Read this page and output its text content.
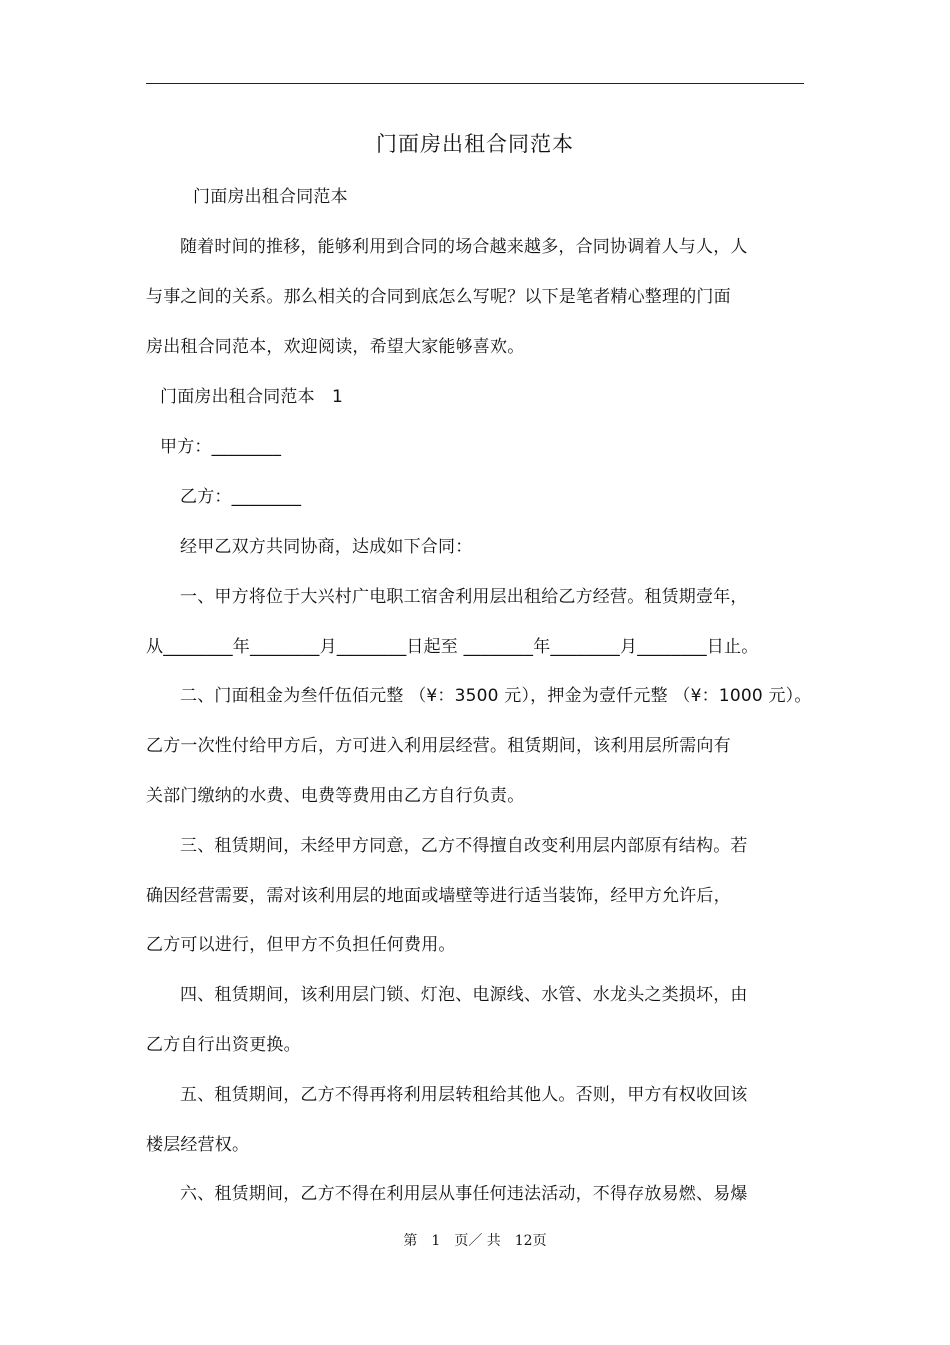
门面房出租合同范本
门面房出租合同范本
随着时间的推移，能够利用到合同的场合越来越多，合同协调着人与人，人
与事之间的关系。那么相关的合同到底怎么写呢？以下是笔者精心整理的门面
房出租合同范本，欢迎阅读，希望大家能够喜欢。
门面房出租合同范本　1
甲方：________
乙方：________
经甲乙双方共同协商，达成如下合同：
一、甲方将位于大兴村广电职工宿舍利用层出租给乙方经营。租赁期壹年，
从________年________月________日起至 ________年________月________日止。
二、门面租金为叁仟伍佰元整 （¥：3500 元），押金为壹仟元整 （¥：1000 元）。
乙方一次性付给甲方后，方可进入利用层经营。租赁期间，该利用层所需向有
关部门缴纳的水费、电费等费用由乙方自行负责。
三、租赁期间，未经甲方同意，乙方不得擅自改变利用层内部原有结构。若
确因经营需要，需对该利用层的地面或墙壁等进行适当装饰，经甲方允许后，
乙方可以进行，但甲方不负担任何费用。
四、租赁期间，该利用层门锁、灯泡、电源线、水管、水龙头之类损坏，由
乙方自行出资更换。
五、租赁期间，乙方不得再将利用层转租给其他人。否则，甲方有权收回该
楼层经营权。
六、租赁期间，乙方不得在利用层从事任何违法活动，不得存放易燃、易爆
第　1　页／ 共　12页
